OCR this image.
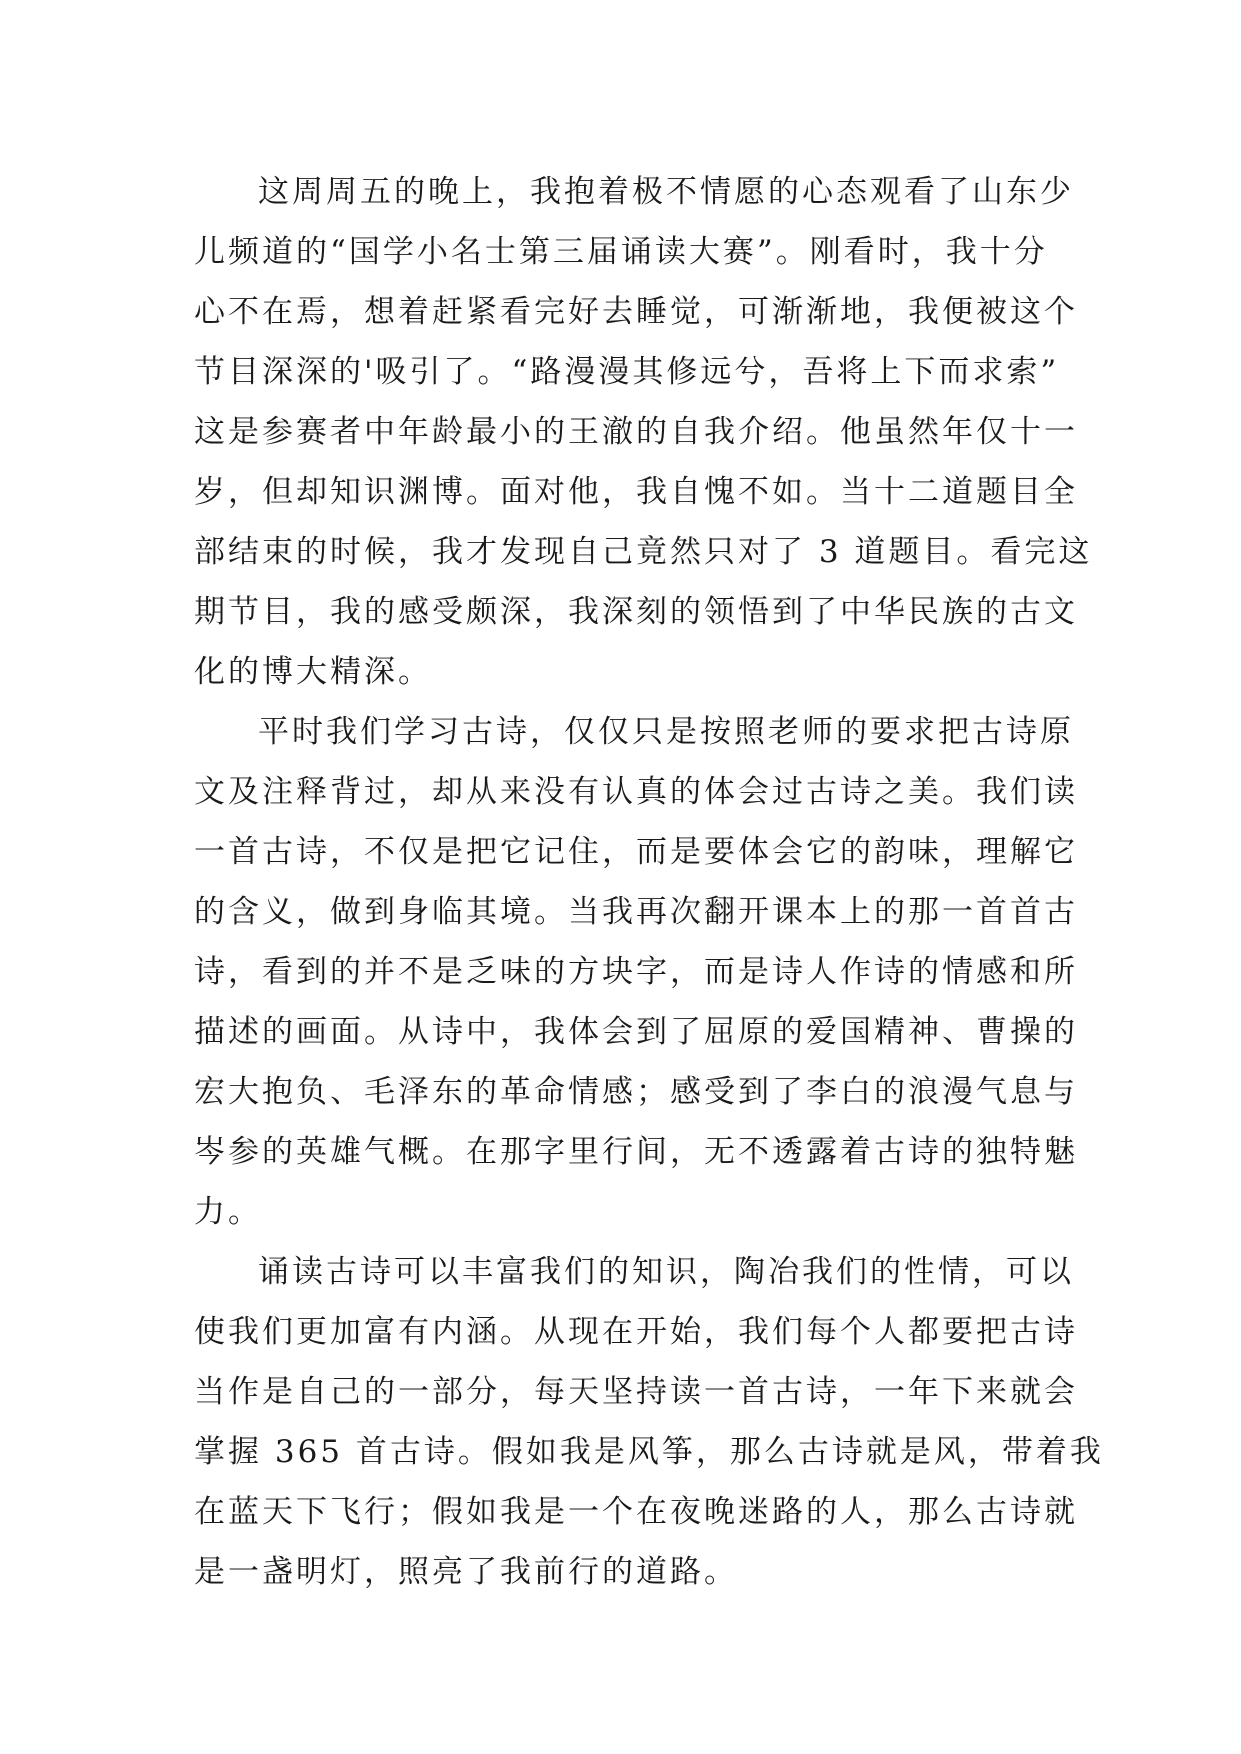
这周周五的晚上，我抱着极不情愿的心态观看了山东少
儿频道的“国学小名士第三届诵读大赛”。刚看时，我十分
心不在焉，想着赶紧看完好去睡觉，可渐渐地，我便被这个
节目深深的'吸引了。“路漫漫其修远兮，吾将上下而求索”
这是参赛者中年龄最小的王澈的自我介绍。他虽然年仅十一
岁，但却知识渊博。面对他，我自愧不如。当十二道题目全
部结束的时候，我才发现自己竟然只对了 3 道题目。看完这
期节目，我的感受颇深，我深刻的领悟到了中华民族的古文
化的博大精深。
平时我们学习古诗，仅仅只是按照老师的要求把古诗原
文及注释背过，却从来没有认真的体会过古诗之美。我们读
一首古诗，不仅是把它记住，而是要体会它的韵味，理解它
的含义，做到身临其境。当我再次翻开课本上的那一首首古
诗，看到的并不是乏味的方块字，而是诗人作诗的情感和所
描述的画面。从诗中，我体会到了屈原的爱国精神、曹操的
宏大抱负、毛泽东的革命情感；感受到了李白的浪漫气息与
岑参的英雄气概。在那字里行间，无不透露着古诗的独特魅
力。
诵读古诗可以丰富我们的知识，陶冶我们的性情，可以
使我们更加富有内涵。从现在开始，我们每个人都要把古诗
当作是自己的一部分，每天坚持读一首古诗，一年下来就会
掌握 365 首古诗。假如我是风筝，那么古诗就是风，带着我
在蓝天下飞行；假如我是一个在夜晚迷路的人，那么古诗就
是一盏明灯，照亮了我前行的道路。
